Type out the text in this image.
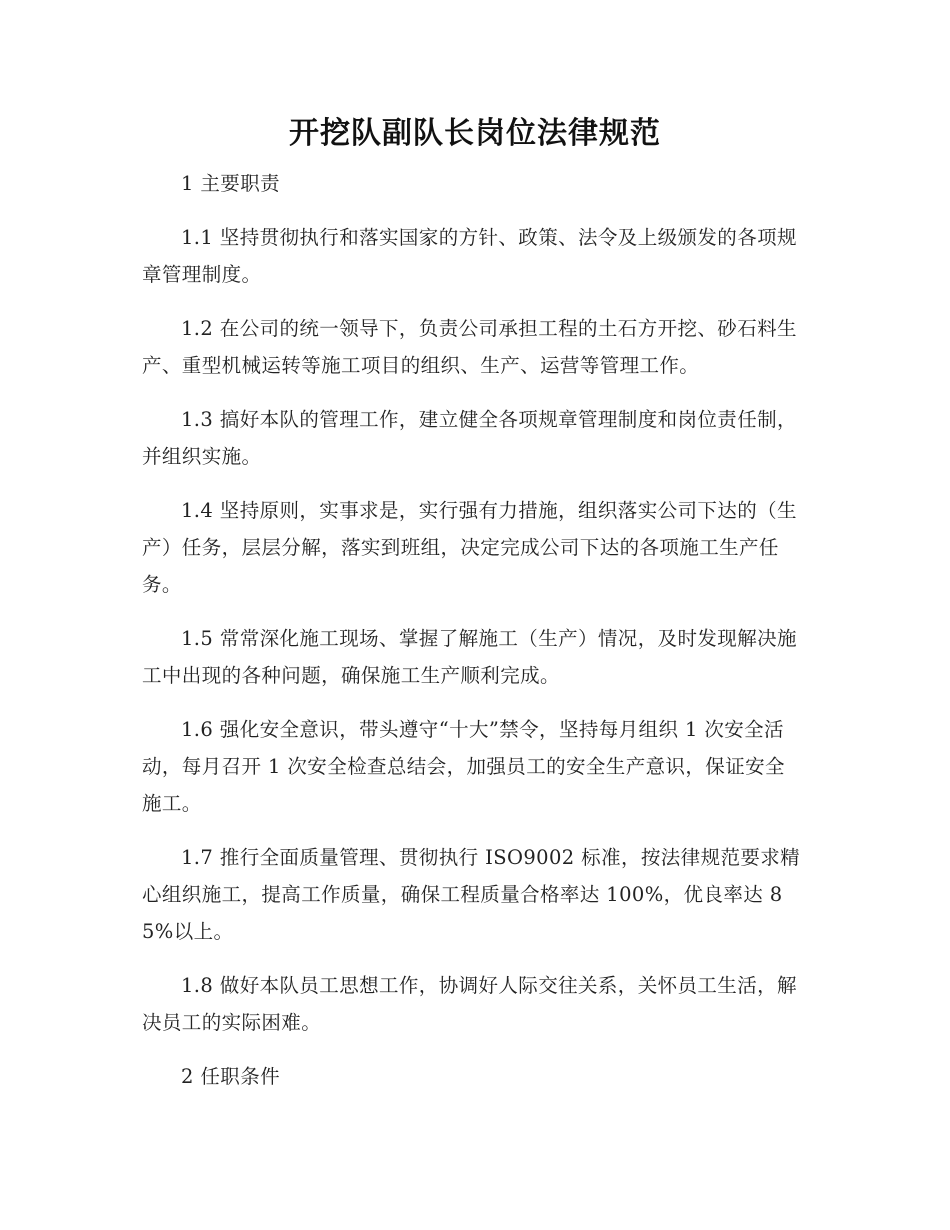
开挖队副队长岗位法律规范

1 主要职责

1.1 坚持贯彻执行和落实国家的方针、政策、法令及上级颁发的各项规章管理制度。

1.2 在公司的统一领导下，负责公司承担工程的土石方开挖、砂石料生产、重型机械运转等施工项目的组织、生产、运营等管理工作。

1.3 搞好本队的管理工作，建立健全各项规章管理制度和岗位责任制，并组织实施。

1.4 坚持原则，实事求是，实行强有力措施，组织落实公司下达的（生产）任务，层层分解，落实到班组，决定完成公司下达的各项施工生产任务。

1.5 常常深化施工现场、掌握了解施工（生产）情况，及时发现解决施工中出现的各种问题，确保施工生产顺利完成。

1.6 强化安全意识，带头遵守“十大”禁令，坚持每月组织 1 次安全活动，每月召开 1 次安全检查总结会，加强员工的安全生产意识，保证安全施工。

1.7 推行全面质量管理、贯彻执行 ISO9002 标准，按法律规范要求精心组织施工，提高工作质量，确保工程质量合格率达 100%，优良率达 85%以上。

1.8 做好本队员工思想工作，协调好人际交往关系，关怀员工生活，解决员工的实际困难。

2 任职条件
